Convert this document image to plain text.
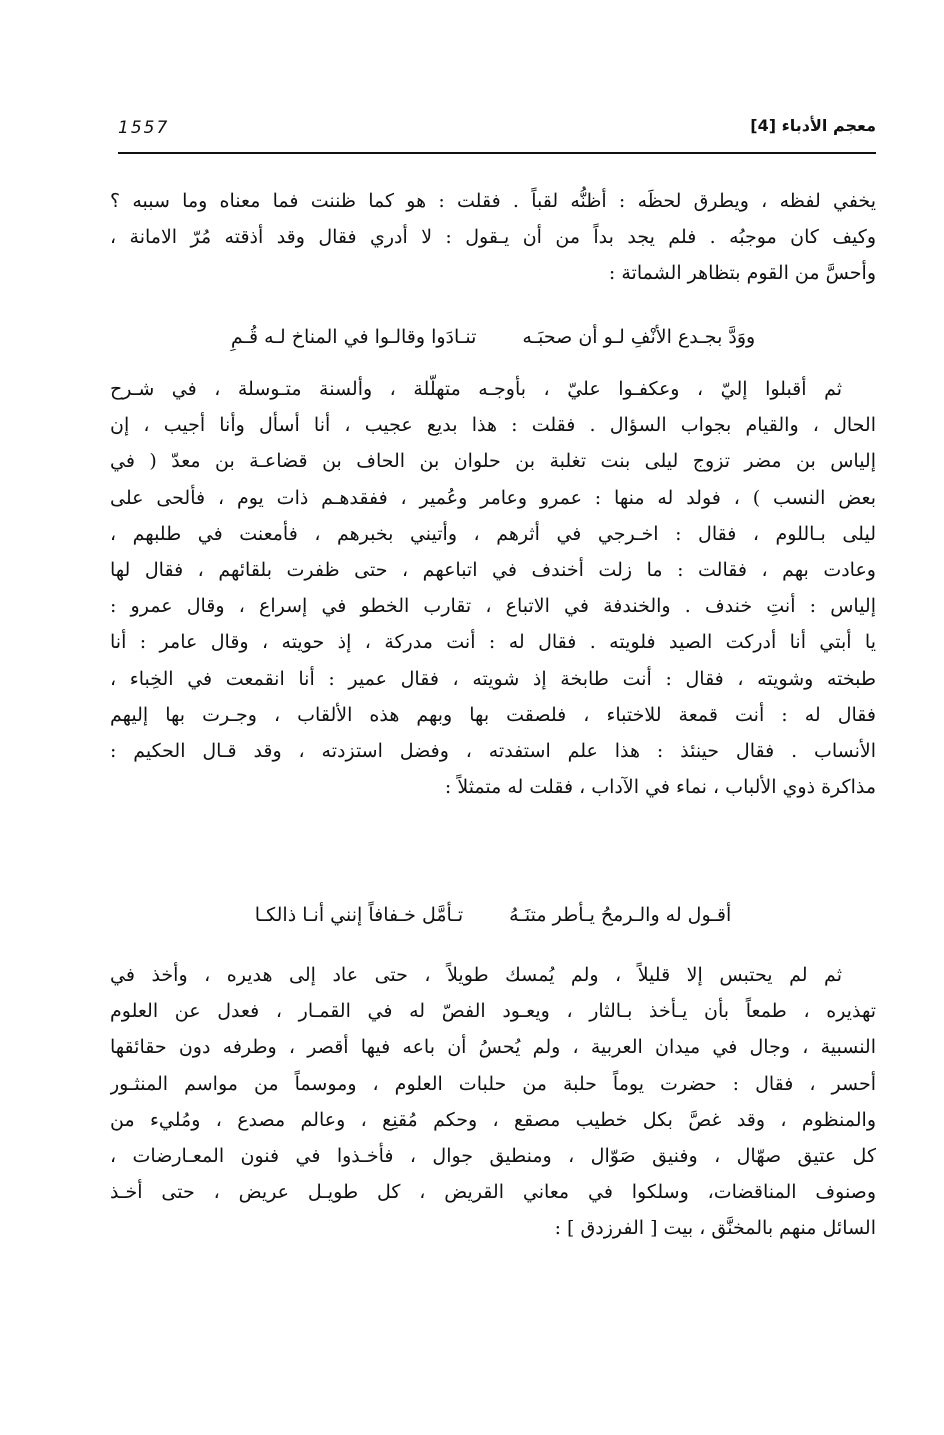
1557	معجم الأدباء [4]

يخفي لفظه ، ويطرق لحظَه : أظنُّه لقباً . فقلت : هو كما ظننت فما معناه وما سببه ؟
وكيف كان موجبُه . فلم يجد بداً من أن يـقول : لا أدري فقال وقد أذقته مُرّ الامانة ،
وأحسَّ من القوم بتظاهر الشماتة :

ووَدَّ بجـدع الأنْفِ لـو أن صحبَـه
تنـادَوا وقالـوا في المناخ لـه قُـمِ

ثم أقبلوا إليّ ، وعكفـوا عليّ ، بأوجـه متهلّلة ، وألسنة متـوسلة ، في شـرح
الحال ، والقيام بجواب السؤال . فقلت : هذا بديع عجيب ، أنا أسأل وأنا أجيب ، إن
إلياس بن مضر تزوج ليلى بنت تغلبة بن حلوان بن الحاف بن قضاعـة بن معدّ ( في
بعض النسب ) ، فولد له منها : عمرو وعامر وعُمير ، ففقدهـم ذات يوم ، فألحى على
ليلى بـاللوم ، فقال : اخـرجي في أثرهم ، وأتيني بخبرهم ، فأمعنت في طلبهم ،
وعادت بهم ، فقالت : ما زلت أخندف في اتباعهم ، حتى ظفرت بلقائهم ، فقال لها
إلياس : أنتِ خندف . والخندفة في الاتباع ، تقارب الخطو في إسراع ، وقال عمرو :
يا أبتي أنا أدركت الصيد فلويته . فقال له : أنت مدركة ، إذ حويته ، وقال عامر : أنا
طبخته وشويته ، فقال : أنت طابخة إذ شويته ، فقال عمير : أنا انقمعت في الخِباء ،
فقال له : أنت قمعة للاختباء ، فلصقت بها وبهم هذه الألقاب ، وجـرت بها إليهم
الأنساب . فقال حينئذ : هذا علم استفدته ، وفضل استزدته ، وقد قـال الحكيم :
مذاكرة ذوي الألباب ، نماء في الآداب ، فقلت له متمثلاً :

أقـول له والـرمحُ يـأطر متنَـهُ
تـأمَّل خـفافاً إنني أنـا ذالكـا

ثم لم يحتبس إلا قليلاً ، ولم يُمسك طويلاً ، حتى عاد إلى هديره ، وأخذ في
تهذيره ، طمعاً بأن يـأخذ بـالثار ، ويعـود الفصّ له في القمـار ، فعدل عن العلوم
النسبية ، وجال في ميدان العربية ، ولم يُحسُ أن باعه فيها أقصر ، وطرفه دون حقائقها
أحسر ، فقال : حضرت يوماً حلبة من حلبات العلوم ، وموسماً من مواسم المنثـور
والمنظوم ، وقد غصَّ بكل خطيب مصقع ، وحكم مُقنِع ، وعالم مصدع ، ومُليء من
كل عتيق صهّال ، وفنيق صَوّال ، ومنطيق جوال ، فأخـذوا في فنون المعـارضات ،
وصنوف المناقضات، وسلكوا في معاني القريض ، كل طويـل عريض ، حتى أخـذ
السائل منهم بالمخنَّق ، بيت [ الفرزدق ] :
